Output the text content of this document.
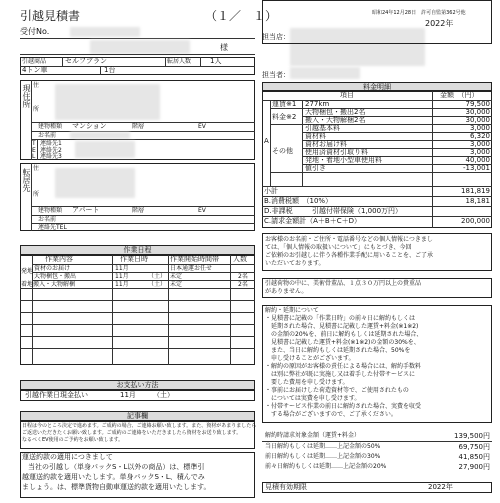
引越見積書	（１／　１）	昭和24年12月28日　許可自監第362号他
2022年
受付No.
様
担当店：
担当者：
引越商品	セルフプラン	転居人数	1人
4トン車	1台
現住所 住
所
建物種類 マンション	階層	EV
お名前
T
E
L
連絡先1
連絡先2
連絡先3
転居先 住
所
建物種類 アパート	階層	EV
お名前
連絡先TEL
作業日程
作業内容	作業日時	作業開始時間帯 人数
発地 資材のお届け	11月	日本通運お任せ
大物梱包・搬出	11月	（土） 未定	2名
着地搬入・大物解梱	11月	（土） 未定	2名
お支払い方法
引越作業日現金払い	11月 （土）
記事欄
日程は今のところ決定で進めます。ご成約の場合、ご連絡お願い致します。また、資材があまりましたら
ご返送いただきたくお願い致します。ご成約のご連絡をいただきましたら資材をお送り致します。
なるべくEV使用のご予約をお願い致します。
運送約款の適用につきまして
当社の引越し（単身パックS・L以外の商品）は、標準引
越運送約款を適用いたします。単身パックS・L、積んでみ
ましょう。は、標準貨物自動車運送約款を適用いたします。
料金明細
項目	金額　（円）
A
運賃※1 277km	79,500
料金※2
大物梱包・搬出2名	30,000
搬入・大物解梱2名	30,000
その他
引越基本料	3,000
資材料	6,320
資材お届け料	3,000
使用済資材引取り料	3,000
発地・着地小型車使用料	40,000
値引き	-13,001
小計	181,819
B.消費税額　（10%）	18,181
D.非課税	引越付帯保険（1,000万円）
C.請求金額計（A＋B＋C＋D）	200,000
お客様のお名前・ご住所・電話番号などの個人情報につきまし
ては、「個人情報の取扱いについて」にもとづき、今回
ご依頼のお引越しに伴う各種作業手配に用いることを、ご了承
いただいております。
引越荷物の中に、美術骨董品、１点３０万円以上の貴重品
がありません。
解約・延期について
・見積書に記載の「作業日時」の前々日に解約もしくは
　延期された場合、見積書に記載した運賃+料金(※1※2)
　の金額の20%を、前日に解約もしくは延期された場合、
　見積書に記載した運賃+料金(※1※2)の金額の30%を、
　また、当日に解約もしくは延期された場合、50%を
　申し受けることがございます。
・解約の原因がお客様の責任による場合には、解約手数料
　は別に弊社が既に実施し又は着手した付帯サービスに
　要した費用を申し受けます。
・事前にお届けした荷造資材等で、ご使用されたもの
　については実費を申し受けます。
・付帯サービス作業の前日に解約された場合、実費を収受
　する場合がございますので、ご了承ください。
解約時請求対象金額（運賃+料金）	139,500円
当日解約もしくは延期……上記金額の50%	69,750円
前日解約もしくは延期……上記金額の30%	41,850円
前々日解約もしくは延期……上記金額の20%	27,900円
見積有効期限	2022年
